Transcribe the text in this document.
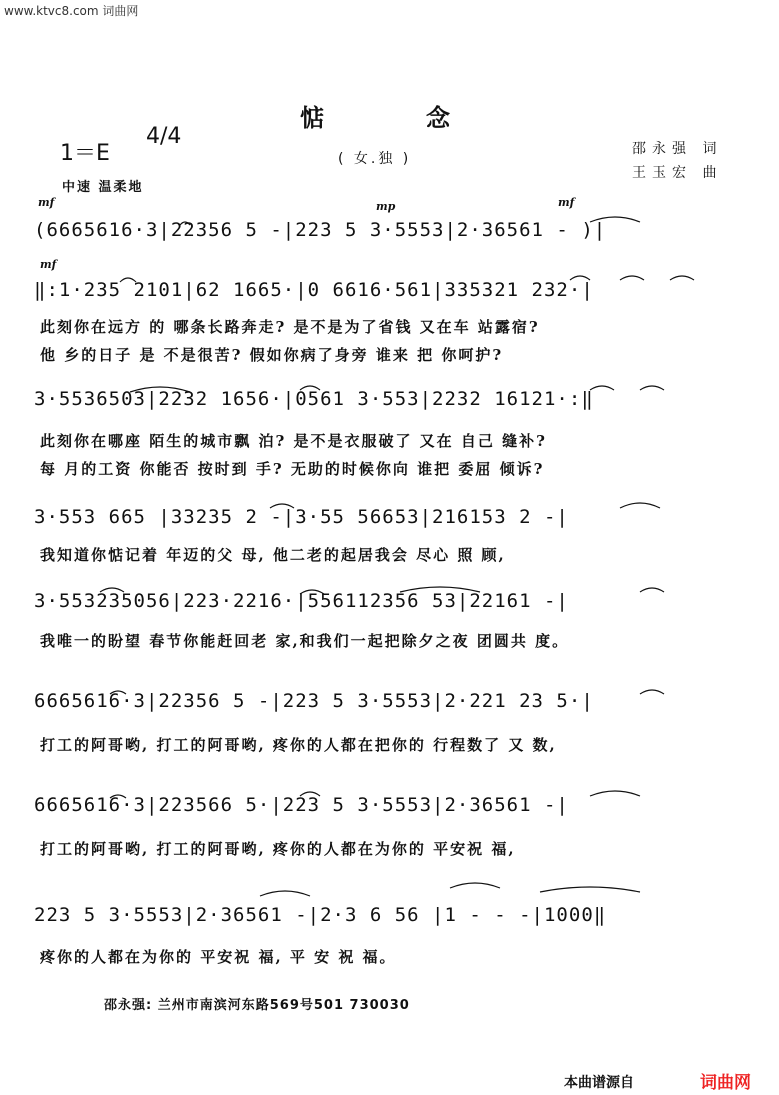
www.ktvc8.com 词曲网
惦	念
1＝E
4/4
( 女.独 )
邵永强 词
王玉宏 曲
中速 温柔地
mf	mp	mf
mf
(6665616·3|22356 5 -|223 5 3·5553|2·36561 - )|
‖:1·235 2101|62 1665·|0 6616·561|335321 232·|
此刻你在远方 的 哪条长路奔走? 是不是为了省钱 又在车 站露宿?
他 乡的日子 是 不是很苦? 假如你病了身旁 谁来 把 你呵护?
3·5536503|2232 1656·|0561 3·553|2232 16121·:‖
此刻你在哪座 陌生的城市飘 泊? 是不是衣服破了 又在 自己 缝补?
每 月的工资 你能否 按时到 手? 无助的时候你向 谁把 委屈 倾诉?
3·553 665 |33235 2 -|3·55 56653|216153 2 -|
我知道你惦记着 年迈的父 母, 他二老的起居我会 尽心 照 顾,
3·553235056|223·2216·|556112356 53|22161 -|
我唯一的盼望 春节你能赶回老 家,和我们一起把除夕之夜 团圆共 度。
6665616·3|22356 5 -|223 5 3·5553|2·221 23 5·|
打工的阿哥哟, 打工的阿哥哟, 疼你的人都在把你的 行程数了 又 数,
6665616·3|223566 5·|223 5 3·5553|2·36561 -|
打工的阿哥哟, 打工的阿哥哟, 疼你的人都在为你的 平安祝 福,
223 5 3·5553|2·36561 -|2·3 6 56 |1 - - -|1000‖
疼你的人都在为你的 平安祝 福, 平 安 祝 福。
邵永强: 兰州市南滨河东路569号501 730030
本曲谱源自	词曲网
